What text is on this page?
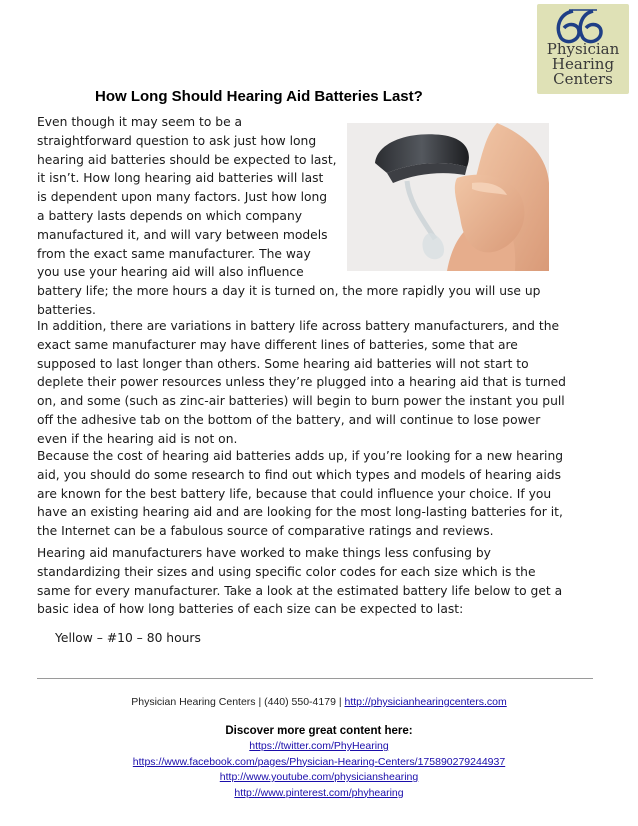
Physician
Hearing
Centers
How Long Should Hearing Aid Batteries Last?
Even though it may seem to be a
straightforward question to ask just how long
hearing aid batteries should be expected to last,
it isn’t. How long hearing aid batteries will last
is dependent upon many factors. Just how long
a battery lasts depends on which company
manufactured it, and will vary between models
from the exact same manufacturer. The way
you use your hearing aid will also influence
battery life; the more hours a day it is turned on, the more rapidly you will use up
batteries.
In addition, there are variations in battery life across battery manufacturers, and the
exact same manufacturer may have different lines of batteries, some that are
supposed to last longer than others. Some hearing aid batteries will not start to
deplete their power resources unless they’re plugged into a hearing aid that is turned
on, and some (such as zinc-air batteries) will begin to burn power the instant you pull
off the adhesive tab on the bottom of the battery, and will continue to lose power
even if the hearing aid is not on.
Because the cost of hearing aid batteries adds up, if you’re looking for a new hearing
aid, you should do some research to find out which types and models of hearing aids
are known for the best battery life, because that could influence your choice. If you
have an existing hearing aid and are looking for the most long-lasting batteries for it,
the Internet can be a fabulous source of comparative ratings and reviews.
Hearing aid manufacturers have worked to make things less confusing by
standardizing their sizes and using specific color codes for each size which is the
same for every manufacturer. Take a look at the estimated battery life below to get a
basic idea of how long batteries of each size can be expected to last:
Yellow – #10 – 80 hours
Physician Hearing Centers | (440) 550-4179 | http://physicianhearingcenters.com
Discover more great content here:
https://twitter.com/PhyHearing
https://www.facebook.com/pages/Physician-Hearing-Centers/175890279244937
http://www.youtube.com/physicianshearing
http://www.pinterest.com/phyhearing
